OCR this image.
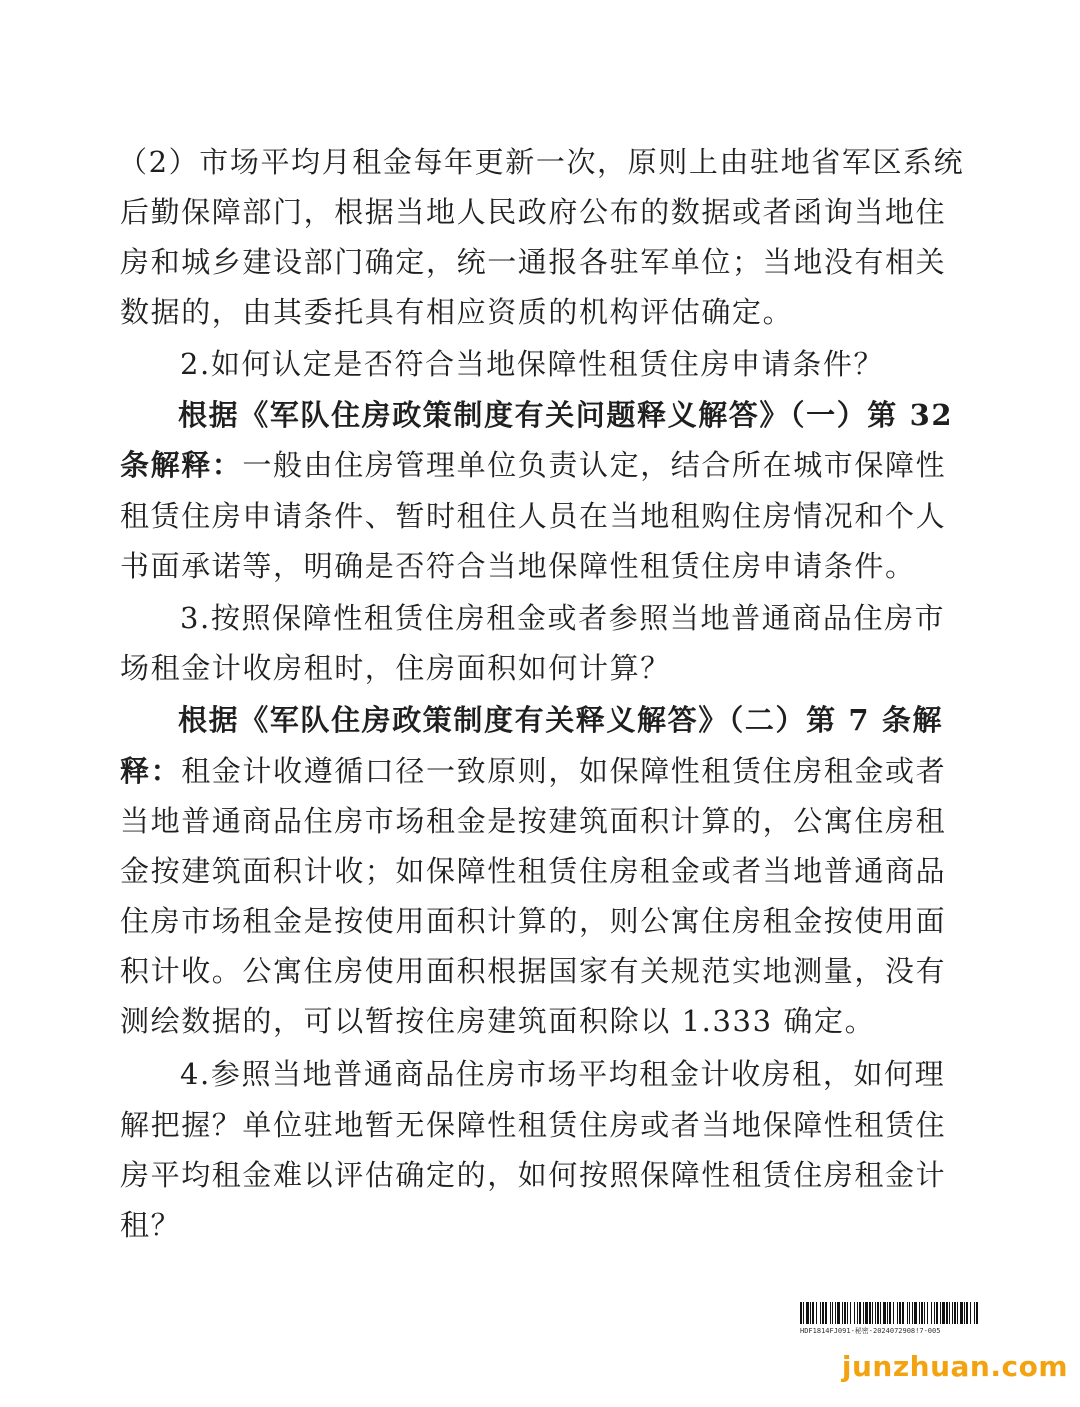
（2）市场平均月租金每年更新一次，原则上由驻地省军区系统
后勤保障部门，根据当地人民政府公布的数据或者函询当地住
房和城乡建设部门确定，统一通报各驻军单位；当地没有相关
数据的，由其委托具有相应资质的机构评估确定。
2.如何认定是否符合当地保障性租赁住房申请条件？
根据《军队住房政策制度有关问题释义解答》（一）第 32
条解释：一般由住房管理单位负责认定，结合所在城市保障性
租赁住房申请条件、暂时租住人员在当地租购住房情况和个人
书面承诺等，明确是否符合当地保障性租赁住房申请条件。
3.按照保障性租赁住房租金或者参照当地普通商品住房市
场租金计收房租时，住房面积如何计算？
根据《军队住房政策制度有关释义解答》（二）第 7 条解
释：租金计收遵循口径一致原则，如保障性租赁住房租金或者
当地普通商品住房市场租金是按建筑面积计算的，公寓住房租
金按建筑面积计收；如保障性租赁住房租金或者当地普通商品
住房市场租金是按使用面积计算的，则公寓住房租金按使用面
积计收。公寓住房使用面积根据国家有关规范实地测量，没有
测绘数据的，可以暂按住房建筑面积除以 1.333 确定。
4.参照当地普通商品住房市场平均租金计收房租，如何理
解把握？单位驻地暂无保障性租赁住房或者当地保障性租赁住
房平均租金难以评估确定的，如何按照保障性租赁住房租金计
租？
HDF1814FJ091-秘密-2024072908!7-005
junzhuan.com
